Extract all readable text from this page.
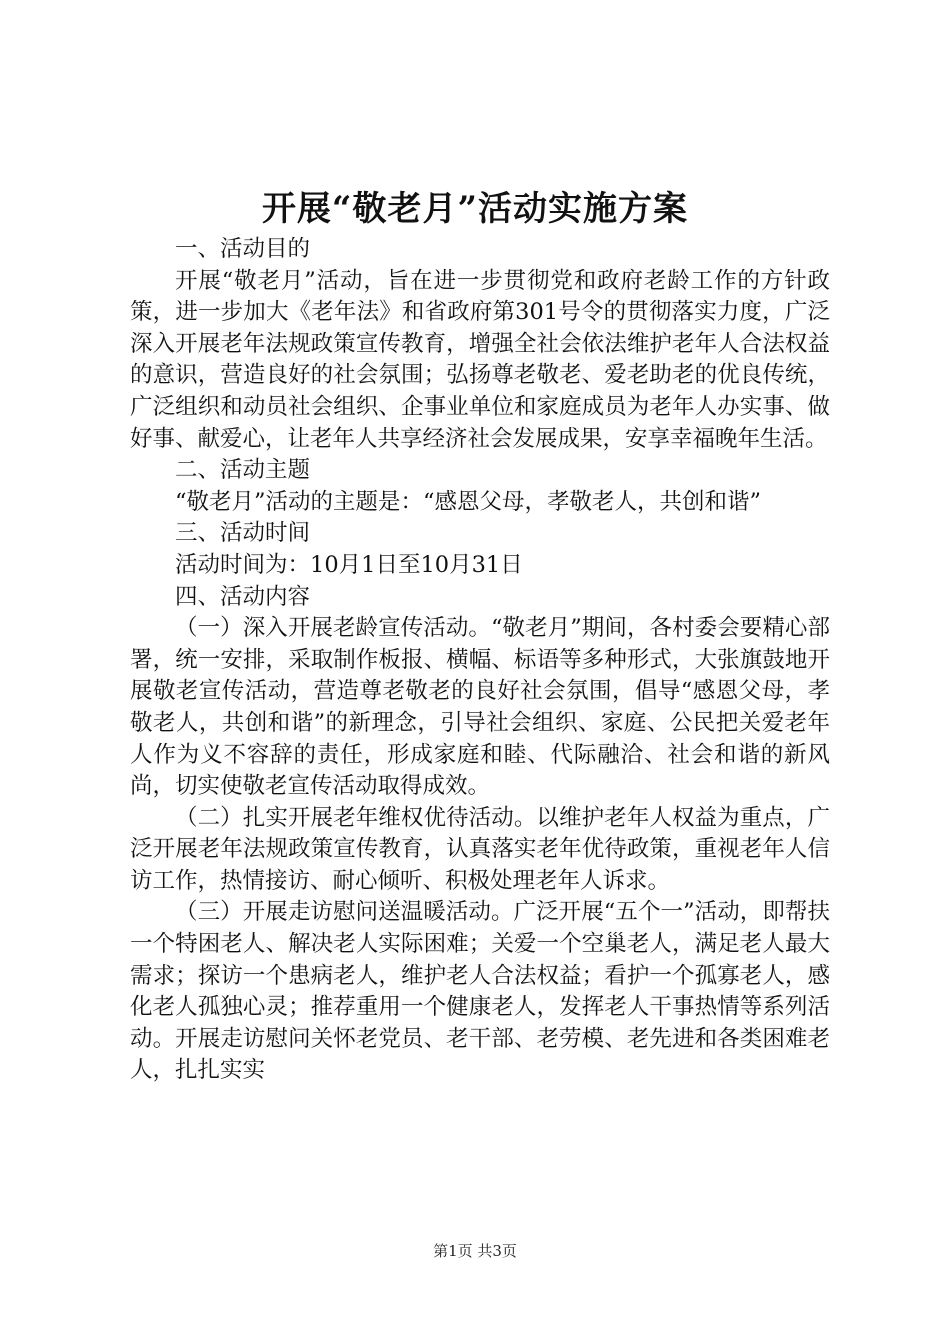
开展“敬老月”活动实施方案

一、活动目的

开展“敬老月”活动，旨在进一步贯彻党和政府老龄工作的方针政策，进一步加大《老年法》和省政府第301号令的贯彻落实力度，广泛深入开展老年法规政策宣传教育，增强全社会依法维护老年人合法权益的意识，营造良好的社会氛围；弘扬尊老敬老、爱老助老的优良传统，广泛组织和动员社会组织、企事业单位和家庭成员为老年人办实事、做好事、献爱心，让老年人共享经济社会发展成果，安享幸福晚年生活。

二、活动主题

“敬老月”活动的主题是：“感恩父母，孝敬老人，共创和谐”

三、活动时间

活动时间为：10月1日至10月31日

四、活动内容

（一）深入开展老龄宣传活动。“敬老月”期间，各村委会要精心部署，统一安排，采取制作板报、横幅、标语等多种形式，大张旗鼓地开展敬老宣传活动，营造尊老敬老的良好社会氛围，倡导“感恩父母，孝敬老人，共创和谐”的新理念，引导社会组织、家庭、公民把关爱老年人作为义不容辞的责任，形成家庭和睦、代际融洽、社会和谐的新风尚，切实使敬老宣传活动取得成效。

（二）扎实开展老年维权优待活动。以维护老年人权益为重点，广泛开展老年法规政策宣传教育，认真落实老年优待政策，重视老年人信访工作，热情接访、耐心倾听、积极处理老年人诉求。

（三）开展走访慰问送温暖活动。广泛开展“五个一”活动，即帮扶一个特困老人、解决老人实际困难；关爱一个空巢老人，满足老人最大需求；探访一个患病老人，维护老人合法权益；看护一个孤寡老人，感化老人孤独心灵；推荐重用一个健康老人，发挥老人干事热情等系列活动。开展走访慰问关怀老党员、老干部、老劳模、老先进和各类困难老人，扎扎实实

第1页 共3页
